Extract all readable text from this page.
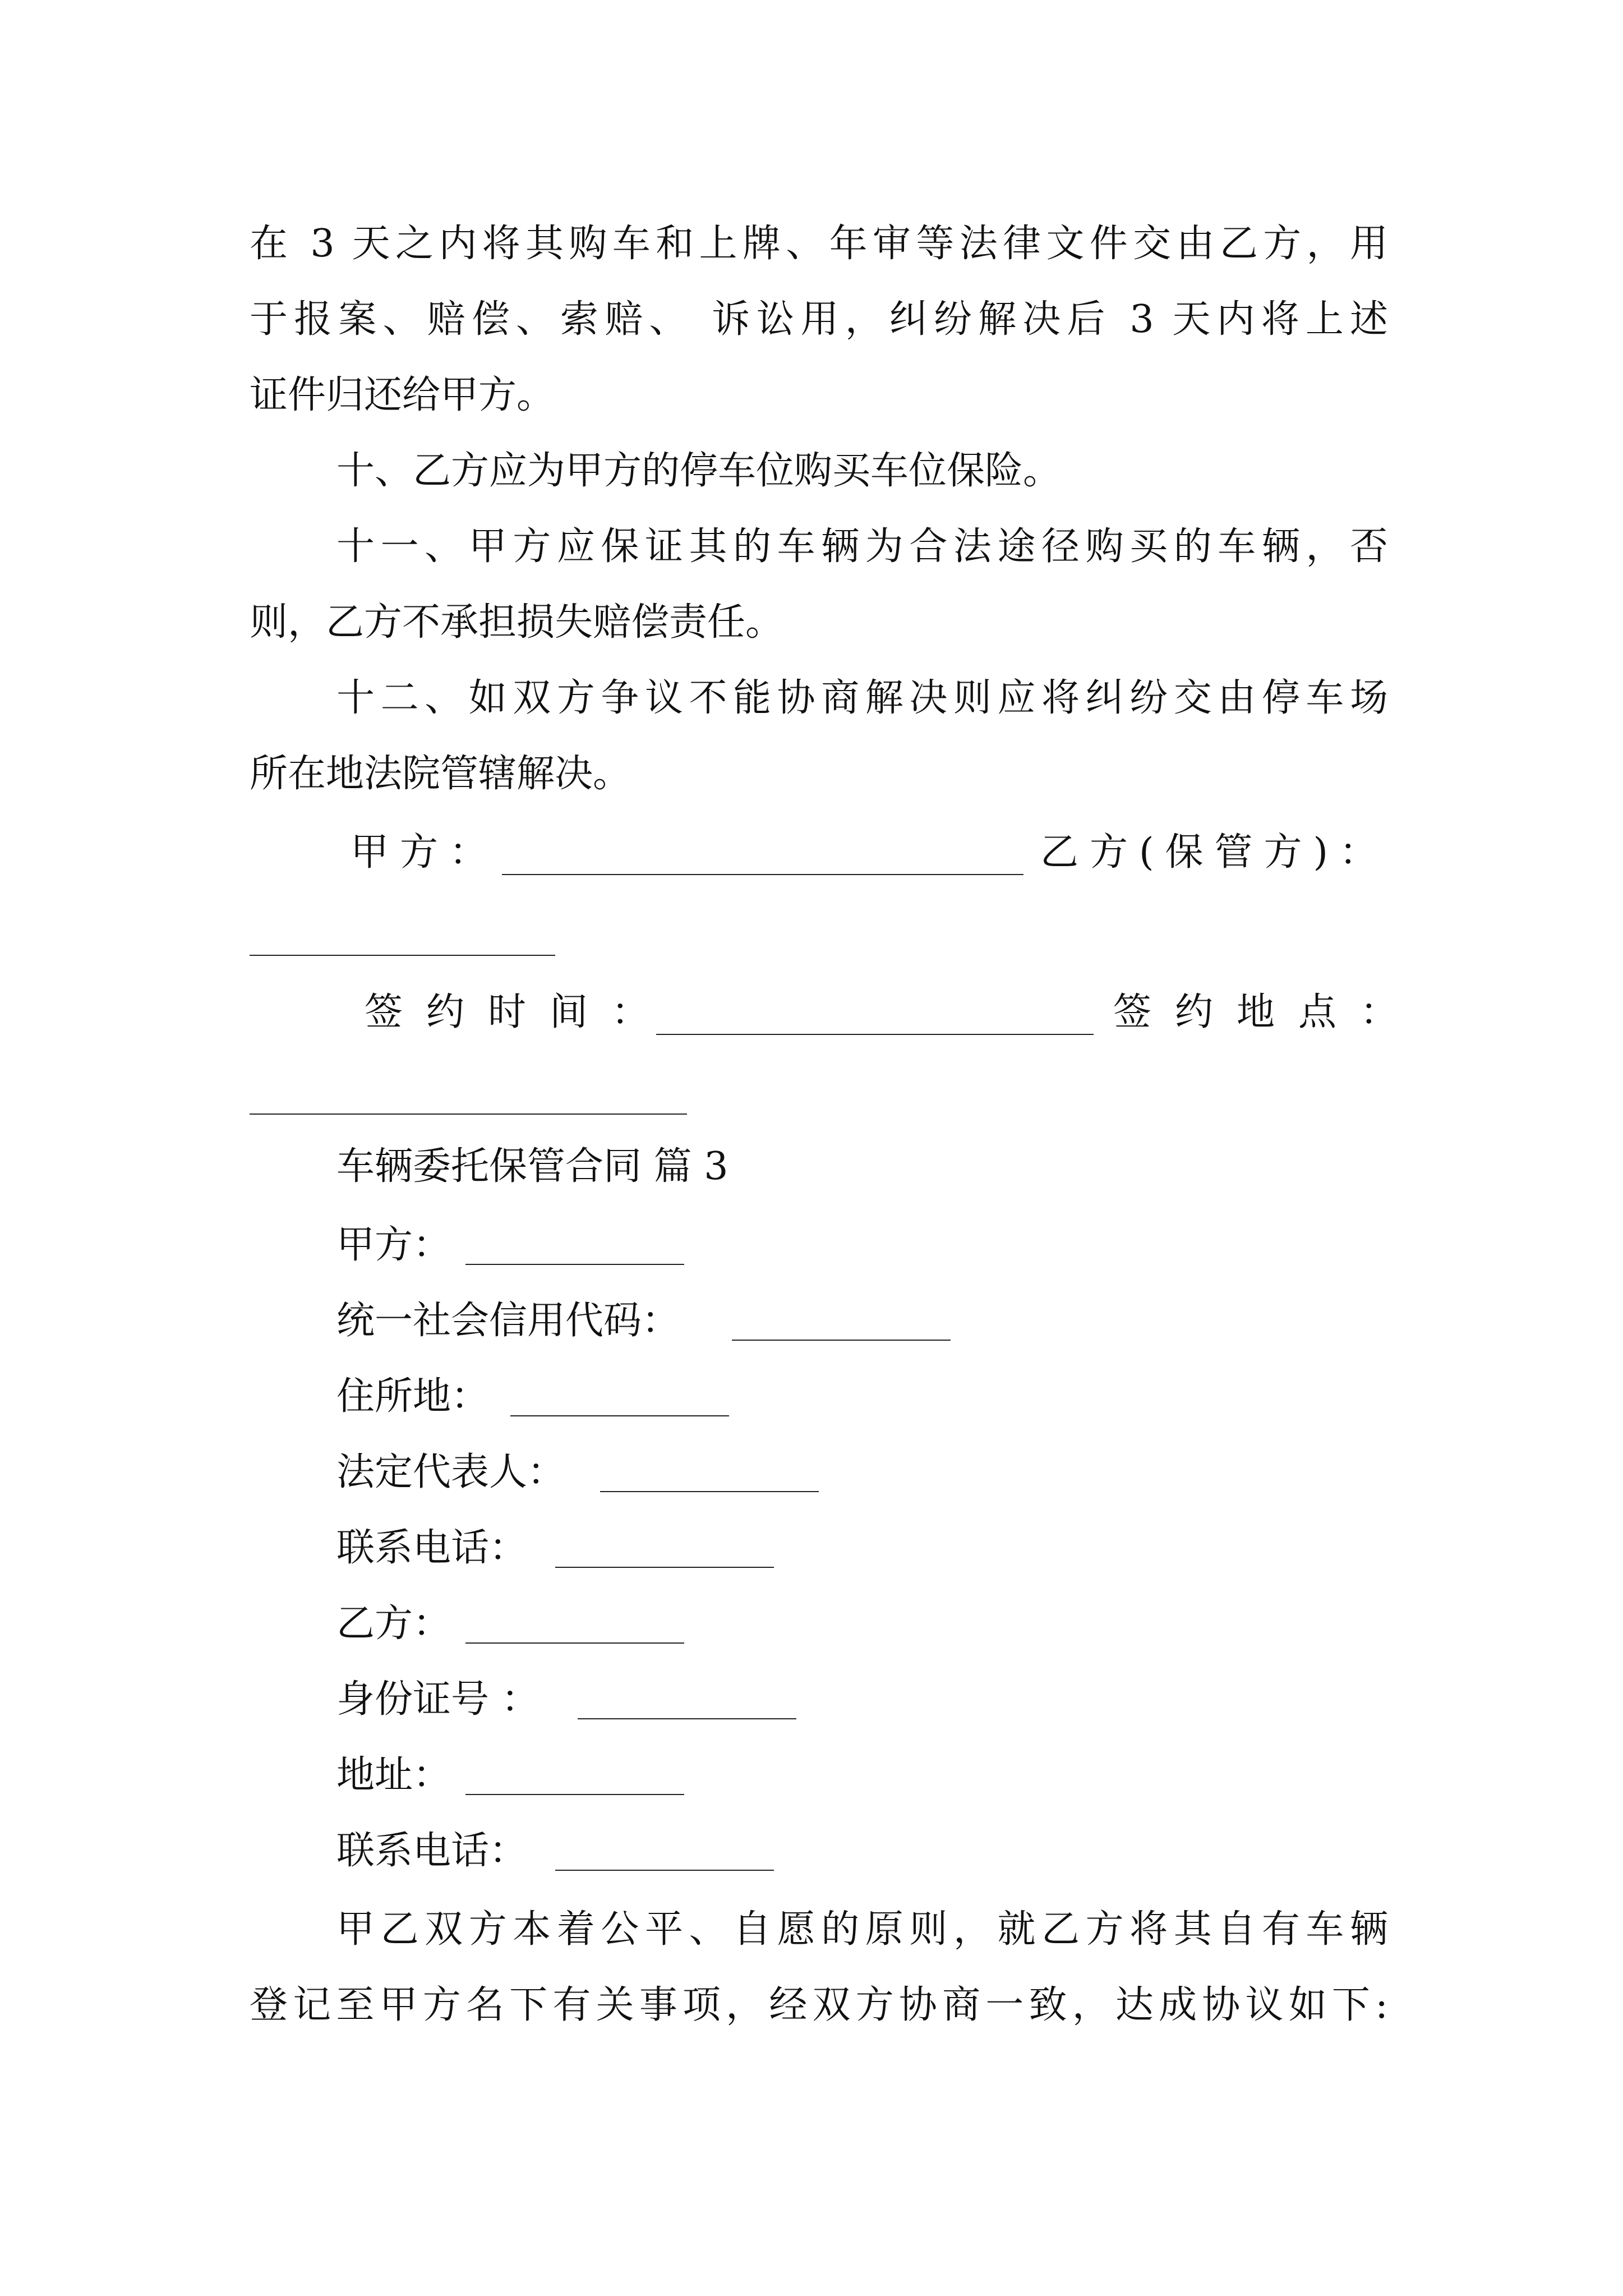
在 3 天之内将其购车和上牌、年审等法律文件交由乙方，用
于报案、赔偿、索赔、 诉讼用，纠纷解决后 3 天内将上述
证件归还给甲方。
十、乙方应为甲方的停车位购买车位保险。
十一、甲方应保证其的车辆为合法途径购买的车辆，否
则，乙方不承担损失赔偿责任。
十二、如双方争议不能协商解决则应将纠纷交由停车场
所在地法院管辖解决。
甲方：	乙方(保管方)：
签约时间：	签约地点：
车辆委托保管合同 篇 3
甲方：
统一社会信用代码：
住所地：
法定代表人：
联系电话：
乙方：
身份证号 ：
地址：
联系电话：
甲乙双方本着公平、自愿的原则，就乙方将其自有车辆
登记至甲方名下有关事项，经双方协商一致，达成协议如下:
